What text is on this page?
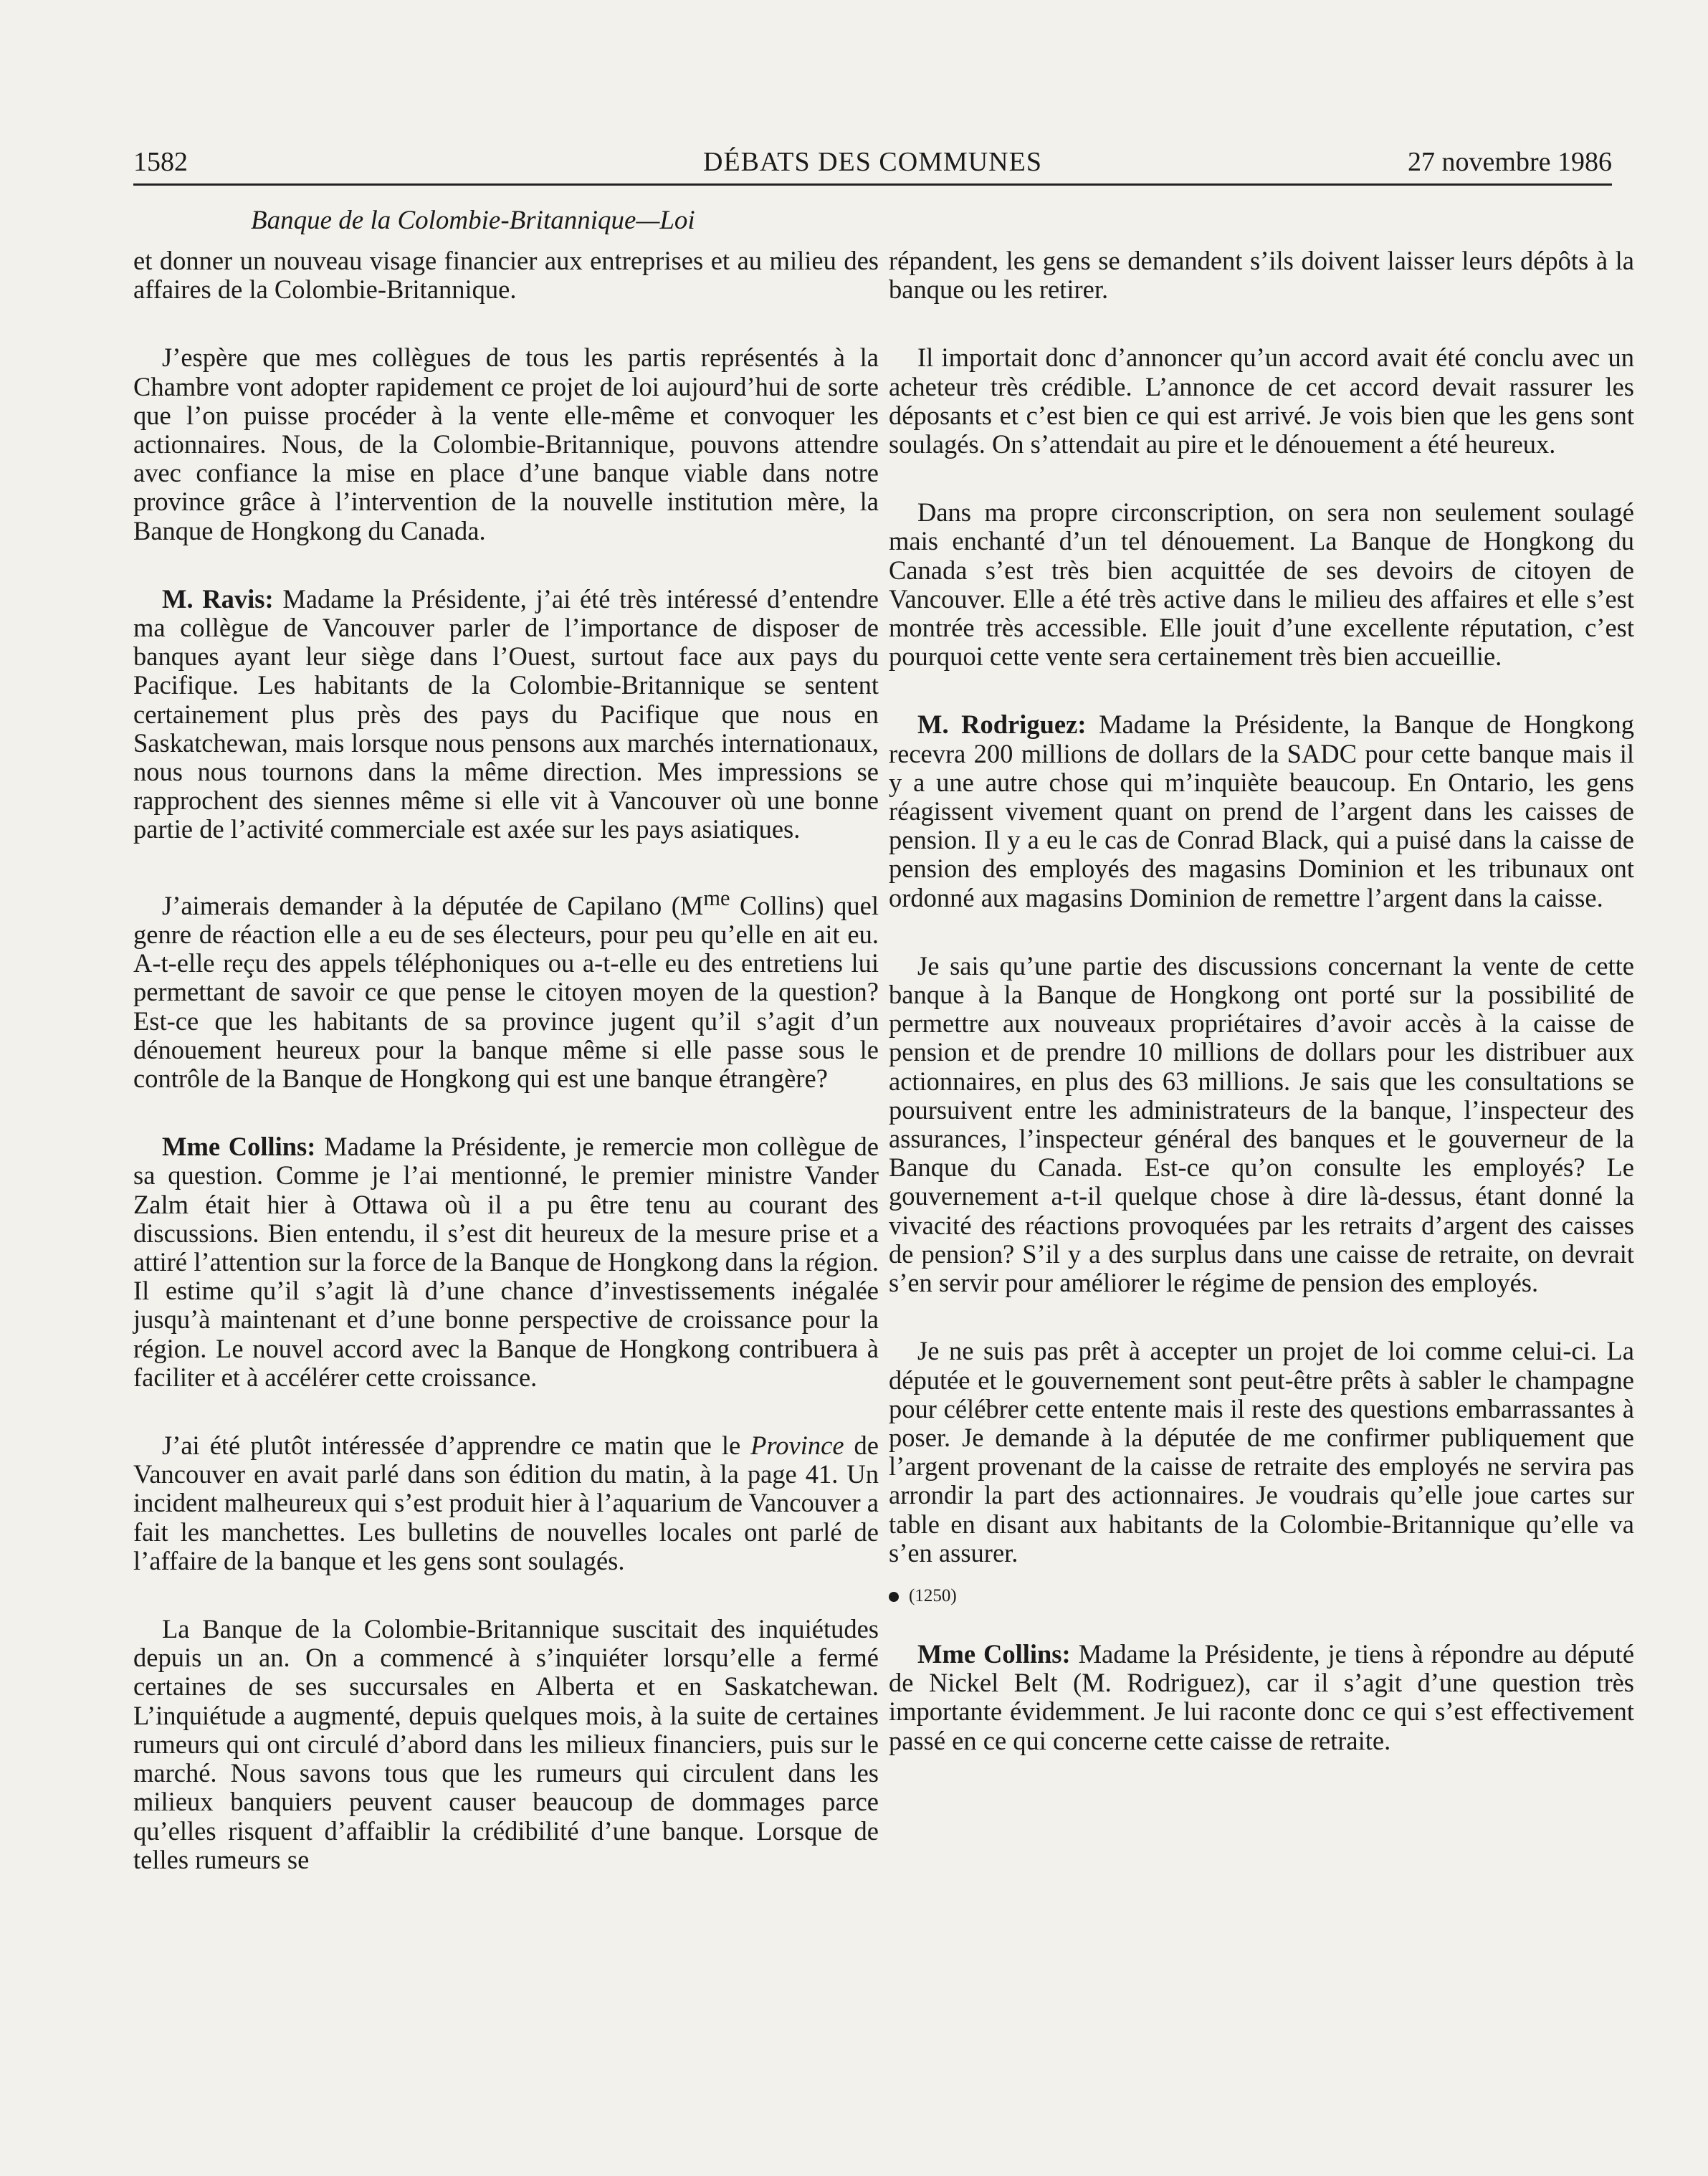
1582	DÉBATS DES COMMUNES	27 novembre 1986
Banque de la Colombie-Britannique—Loi

et donner un nouveau visage financier aux entreprises et au milieu des affaires de la Colombie-Britannique.

J’espère que mes collègues de tous les partis représentés à la Chambre vont adopter rapidement ce projet de loi aujourd’hui de sorte que l’on puisse procéder à la vente elle-même et convoquer les actionnaires. Nous, de la Colombie-Britannique, pouvons attendre avec confiance la mise en place d’une banque viable dans notre province grâce à l’intervention de la nouvelle institution mère, la Banque de Hongkong du Canada.

M. Ravis: Madame la Présidente, j’ai été très intéressé d’entendre ma collègue de Vancouver parler de l’importance de disposer de banques ayant leur siège dans l’Ouest, surtout face aux pays du Pacifique. Les habitants de la Colombie-Britannique se sentent certainement plus près des pays du Pacifique que nous en Saskatchewan, mais lorsque nous pensons aux marchés internationaux, nous nous tournons dans la même direction. Mes impressions se rapprochent des siennes même si elle vit à Vancouver où une bonne partie de l’activité commerciale est axée sur les pays asiatiques.

J’aimerais demander à la députée de Capilano ($M^{me}$ Collins) quel genre de réaction elle a eu de ses électeurs, pour peu qu’elle en ait eu. A-t-elle reçu des appels téléphoniques ou a-t-elle eu des entretiens lui permettant de savoir ce que pense le citoyen moyen de la question? Est-ce que les habitants de sa province jugent qu’il s’agit d’un dénouement heureux pour la banque même si elle passe sous le contrôle de la Banque de Hongkong qui est une banque étrangère?

Mme Collins: Madame la Présidente, je remercie mon collègue de sa question. Comme je l’ai mentionné, le premier ministre Vander Zalm était hier à Ottawa où il a pu être tenu au courant des discussions. Bien entendu, il s’est dit heureux de la mesure prise et a attiré l’attention sur la force de la Banque de Hongkong dans la région. Il estime qu’il s’agit là d’une chance d’investissements inégalée jusqu’à maintenant et d’une bonne perspective de croissance pour la région. Le nouvel accord avec la Banque de Hongkong contribuera à faciliter et à accélérer cette croissance.

J’ai été plutôt intéressée d’apprendre ce matin que le Province de Vancouver en avait parlé dans son édition du matin, à la page 41. Un incident malheureux qui s’est produit hier à l’aquarium de Vancouver a fait les manchettes. Les bulletins de nouvelles locales ont parlé de l’affaire de la banque et les gens sont soulagés.

La Banque de la Colombie-Britannique suscitait des inquiétudes depuis un an. On a commencé à s’inquiéter lorsqu’elle a fermé certaines de ses succursales en Alberta et en Saskatchewan. L’inquiétude a augmenté, depuis quelques mois, à la suite de certaines rumeurs qui ont circulé d’abord dans les milieux financiers, puis sur le marché. Nous savons tous que les rumeurs qui circulent dans les milieux banquiers peuvent causer beaucoup de dommages parce qu’elles risquent d’affaiblir la crédibilité d’une banque. Lorsque de telles rumeurs se

répandent, les gens se demandent s’ils doivent laisser leurs dépôts à la banque ou les retirer.

Il importait donc d’annoncer qu’un accord avait été conclu avec un acheteur très crédible. L’annonce de cet accord devait rassurer les déposants et c’est bien ce qui est arrivé. Je vois bien que les gens sont soulagés. On s’attendait au pire et le dénouement a été heureux.

Dans ma propre circonscription, on sera non seulement soulagé mais enchanté d’un tel dénouement. La Banque de Hongkong du Canada s’est très bien acquittée de ses devoirs de citoyen de Vancouver. Elle a été très active dans le milieu des affaires et elle s’est montrée très accessible. Elle jouit d’une excellente réputation, c’est pourquoi cette vente sera certainement très bien accueillie.

M. Rodriguez: Madame la Présidente, la Banque de Hongkong recevra 200 millions de dollars de la SADC pour cette banque mais il y a une autre chose qui m’inquiète beaucoup. En Ontario, les gens réagissent vivement quant on prend de l’argent dans les caisses de pension. Il y a eu le cas de Conrad Black, qui a puisé dans la caisse de pension des employés des magasins Dominion et les tribunaux ont ordonné aux magasins Dominion de remettre l’argent dans la caisse.

Je sais qu’une partie des discussions concernant la vente de cette banque à la Banque de Hongkong ont porté sur la possibilité de permettre aux nouveaux propriétaires d’avoir accès à la caisse de pension et de prendre 10 millions de dollars pour les distribuer aux actionnaires, en plus des 63 millions. Je sais que les consultations se poursuivent entre les administrateurs de la banque, l’inspecteur des assurances, l’inspecteur général des banques et le gouverneur de la Banque du Canada. Est-ce qu’on consulte les employés? Le gouvernement a-t-il quelque chose à dire là-dessus, étant donné la vivacité des réactions provoquées par les retraits d’argent des caisses de pension? S’il y a des surplus dans une caisse de retraite, on devrait s’en servir pour améliorer le régime de pension des employés.

Je ne suis pas prêt à accepter un projet de loi comme celui-ci. La députée et le gouvernement sont peut-être prêts à sabler le champagne pour célébrer cette entente mais il reste des questions embarrassantes à poser. Je demande à la députée de me confirmer publiquement que l’argent provenant de la caisse de retraite des employés ne servira pas arrondir la part des actionnaires. Je voudrais qu’elle joue cartes sur table en disant aux habitants de la Colombie-Britannique qu’elle va s’en assurer.

(1250)

Mme Collins: Madame la Présidente, je tiens à répondre au député de Nickel Belt (M. Rodriguez), car il s’agit d’une question très importante évidemment. Je lui raconte donc ce qui s’est effectivement passé en ce qui concerne cette caisse de retraite.
